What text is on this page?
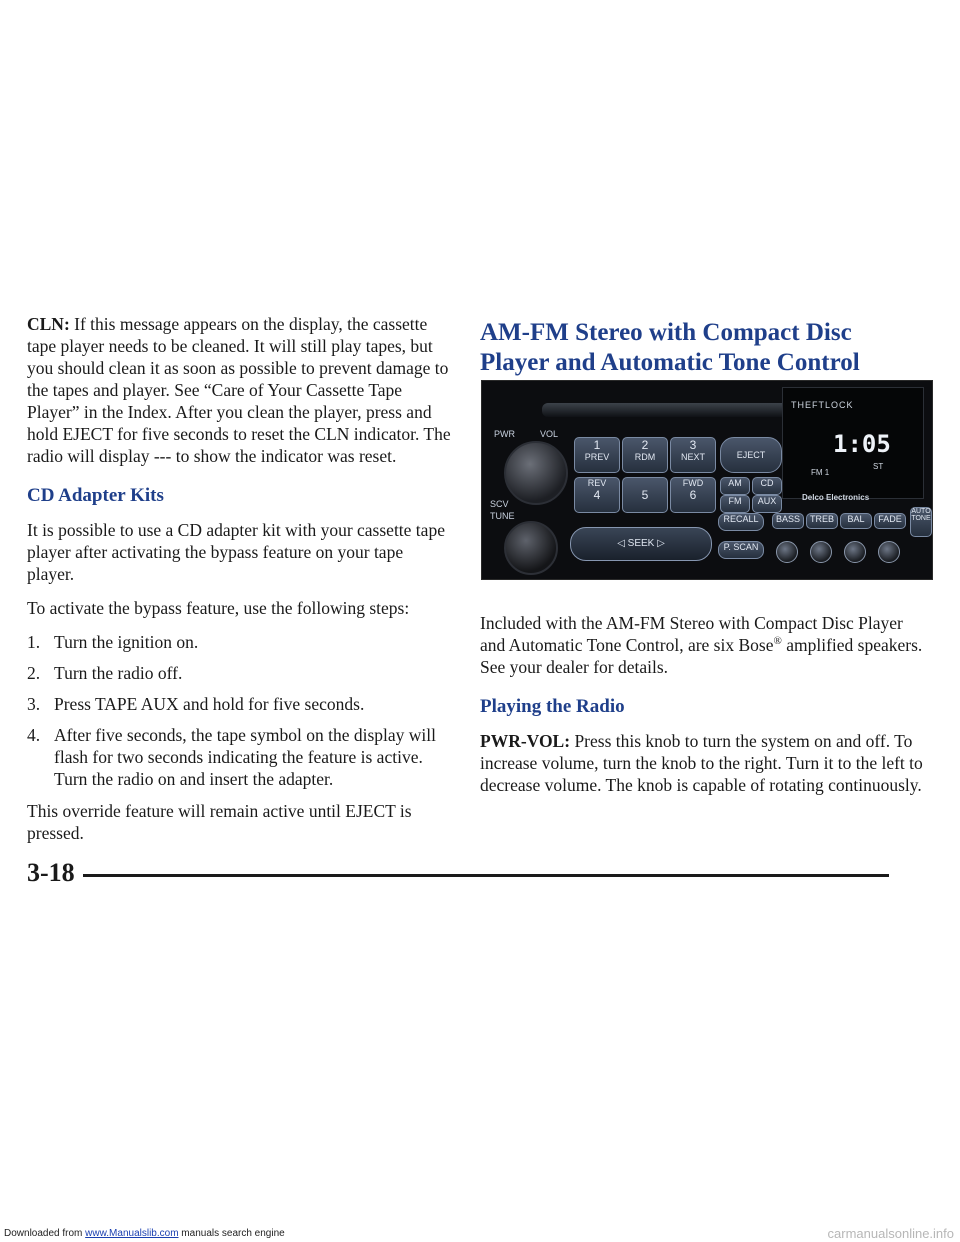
CLN: If this message appears on the display, the cassette tape player needs to be cleaned. It will still play tapes, but you should clean it as soon as possible to prevent damage to the tapes and player. See “Care of Your Cassette Tape Player” in the Index. After you clean the player, press and hold EJECT for five seconds to reset the CLN indicator. The radio will display --- to show the indicator was reset.

CD Adapter Kits

It is possible to use a CD adapter kit with your cassette tape player after activating the bypass feature on your tape player.

To activate the bypass feature, use the following steps:

1. Turn the ignition on.
2. Turn the radio off.
3. Press TAPE AUX and hold for five seconds.
4. After five seconds, the tape symbol on the display will flash for two seconds indicating the feature is active. Turn the radio on and insert the adapter.

This override feature will remain active until EJECT is pressed.

AM-FM Stereo with Compact Disc Player and Automatic Tone Control
PWR	VOL
SCV
TUNE
1
PREV
2
RDM
3
NEXT
REV
4	5
FWD
6
EJECT
AM	CD
FM	AUX
THEFTLOCK
1:05
FM 1
ST
Delco Electronics
◁ SEEK ▷
RECALL
P. SCAN
BASS	TREB	BAL	FADE
AUTO TONE

Included with the AM-FM Stereo with Compact Disc Player and Automatic Tone Control, are six Bose® amplified speakers. See your dealer for details.

Playing the Radio

PWR-VOL: Press this knob to turn the system on and off. To increase volume, turn the knob to the right. Turn it to the left to decrease volume. The knob is capable of rotating continuously.

3-18
Downloaded from www.Manualslib.com manuals search engine	carmanualsonline.info
